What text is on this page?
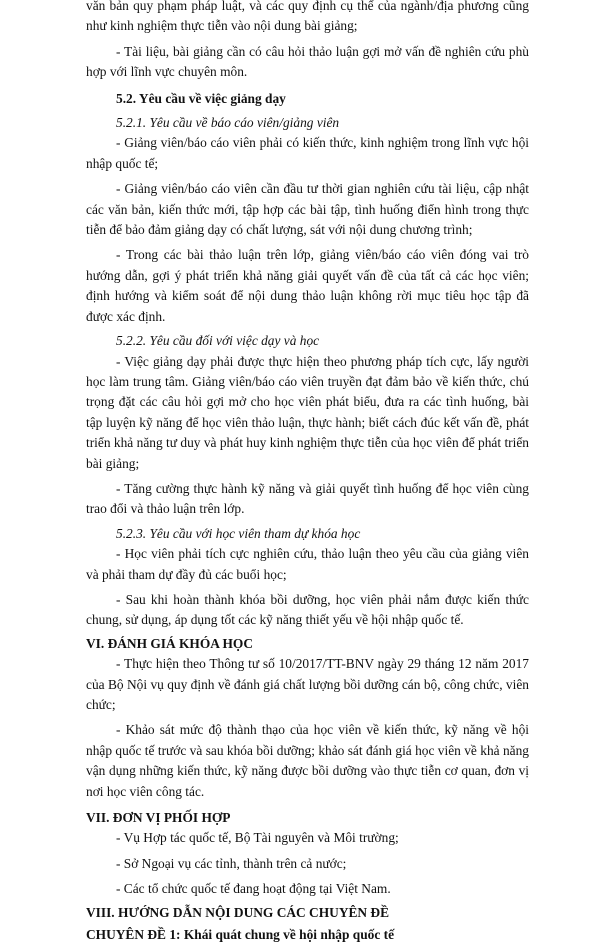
văn bản quy phạm pháp luật, và các quy định cụ thể của ngành/địa phương cũng như kinh nghiệm thực tiễn vào nội dung bài giảng;
- Tài liệu, bài giảng cần có câu hỏi thảo luận gợi mở vấn đề nghiên cứu phù hợp với lĩnh vực chuyên môn.
5.2. Yêu cầu về việc giảng dạy
5.2.1. Yêu cầu về báo cáo viên/giảng viên
- Giảng viên/báo cáo viên phải có kiến thức, kinh nghiệm trong lĩnh vực hội nhập quốc tế;
- Giảng viên/báo cáo viên cần đầu tư thời gian nghiên cứu tài liệu, cập nhật các văn bản, kiến thức mới, tập hợp các bài tập, tình huống điển hình trong thực tiễn để bảo đảm giảng dạy có chất lượng, sát với nội dung chương trình;
- Trong các bài thảo luận trên lớp, giảng viên/báo cáo viên đóng vai trò hướng dẫn, gợi ý phát triển khả năng giải quyết vấn đề của tất cả các học viên; định hướng và kiểm soát để nội dung thảo luận không rời mục tiêu học tập đã được xác định.
5.2.2. Yêu cầu đối với việc dạy và học
- Việc giảng dạy phải được thực hiện theo phương pháp tích cực, lấy người học làm trung tâm. Giảng viên/báo cáo viên truyền đạt đảm bảo về kiến thức, chú trọng đặt các câu hỏi gợi mở cho học viên phát biểu, đưa ra các tình huống, bài tập luyện kỹ năng để học viên thảo luận, thực hành; biết cách đúc kết vấn đề, phát triển khả năng tư duy và phát huy kinh nghiệm thực tiễn của học viên để phát triển bài giảng;
- Tăng cường thực hành kỹ năng và giải quyết tình huống để học viên cùng trao đổi và thảo luận trên lớp.
5.2.3. Yêu cầu với học viên tham dự khóa học
- Học viên phải tích cực nghiên cứu, thảo luận theo yêu cầu của giảng viên và phải tham dự đầy đủ các buổi học;
- Sau khi hoàn thành khóa bồi dưỡng, học viên phải nắm được kiến thức chung, sử dụng, áp dụng tốt các kỹ năng thiết yếu về hội nhập quốc tế.
VI. ĐÁNH GIÁ KHÓA HỌC
- Thực hiện theo Thông tư số 10/2017/TT-BNV ngày 29 tháng 12 năm 2017 của Bộ Nội vụ quy định về đánh giá chất lượng bồi dưỡng cán bộ, công chức, viên chức;
- Khảo sát mức độ thành thạo của học viên về kiến thức, kỹ năng về hội nhập quốc tế trước và sau khóa bồi dưỡng; khảo sát đánh giá học viên về khả năng vận dụng những kiến thức, kỹ năng được bồi dưỡng vào thực tiễn cơ quan, đơn vị nơi học viên công tác.
VII. ĐƠN VỊ PHỐI HỢP
- Vụ Hợp tác quốc tế, Bộ Tài nguyên và Môi trường;
- Sở Ngoại vụ các tỉnh, thành trên cả nước;
- Các tổ chức quốc tế đang hoạt động tại Việt Nam.
VIII. HƯỚNG DẪN NỘI DUNG CÁC CHUYÊN ĐỀ
CHUYÊN ĐỀ 1: Khái quát chung về hội nhập quốc tế
